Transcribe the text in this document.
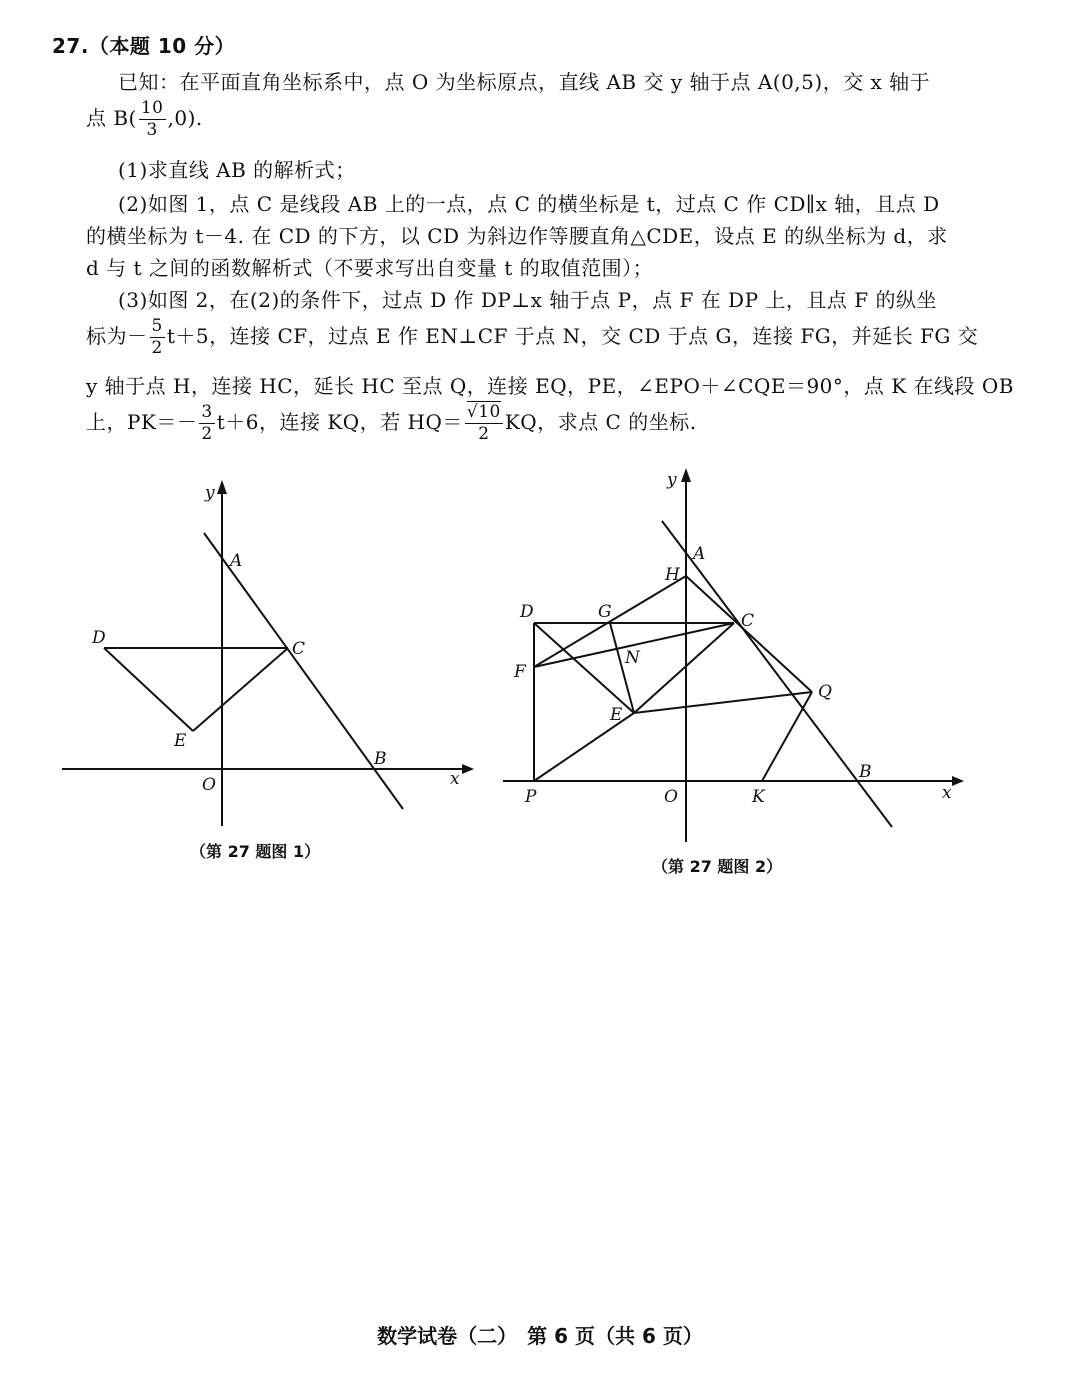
27.（本题 10 分）
已知：在平面直角坐标系中，点 O 为坐标原点，直线 AB 交 y 轴于点 A(0,5)，交 x 轴于
点 $B( \frac{10}{3} ,0)$.
(1)求直线 AB 的解析式；
(2)如图 1，点 C 是线段 AB 上的一点，点 C 的横坐标是 t，过点 C 作 CD∥x 轴，且点 D
的横坐标为 t－4. 在 CD 的下方，以 CD 为斜边作等腰直角△CDE，设点 E 的纵坐标为 d，求
d 与 t 之间的函数解析式（不要求写出自变量 t 的取值范围）；
(3)如图 2，在(2)的条件下，过点 D 作 DP⊥x 轴于点 P，点 F 在 DP 上，且点 F 的纵坐
标为－ $\frac{5}{2} t+5$，连接 CF，过点 E 作 EN⊥CF 于点 N，交 CD 于点 G，连接 FG，并延长 FG 交
y 轴于点 H，连接 HC，延长 HC 至点 Q，连接 EQ，PE，∠EPO＋∠CQE＝90°，点 K 在线段 OB
上，$PK=- \frac{3}{2} t+6$，连接 KQ，若 $HQ= \frac{√10}{2}$ KQ，求点 C 的坐标.
y
x
O
A
B
C
D
E
（第 27 题图 1）
y
x
O
A
H
B
C
D	G
N
F
E
Q
P	K
（第 27 题图 2）
数学试卷（二）　第 6 页（共 6 页）
